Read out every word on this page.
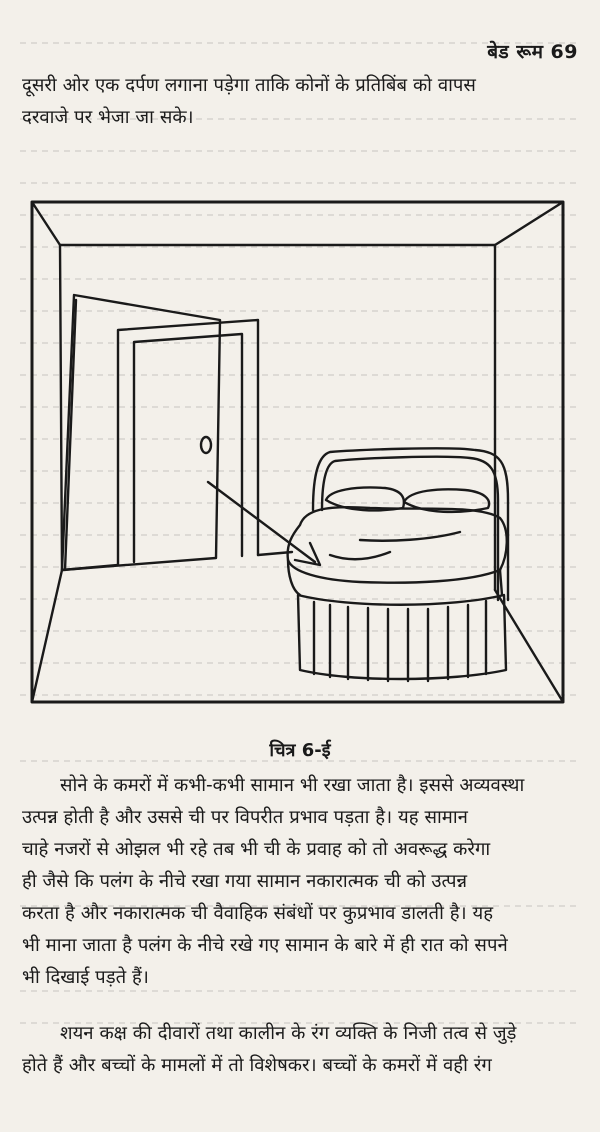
बेड रूम 69
दूसरी ओर एक दर्पण लगाना पड़ेगा ताकि कोनों के प्रतिबिंब को वापस
दरवाजे पर भेजा जा सके।
चित्र 6-ई
सोने के कमरों में कभी-कभी सामान भी रखा जाता है। इससे अव्यवस्था
उत्पन्न होती है और उससे ची पर विपरीत प्रभाव पड़ता है। यह सामान
चाहे नजरों से ओझल भी रहे तब भी ची के प्रवाह को तो अवरूद्ध करेगा
ही जैसे कि पलंग के नीचे रखा गया सामान नकारात्मक ची को उत्पन्न
करता है और नकारात्मक ची वैवाहिक संबंधों पर कुप्रभाव डालती है। यह
भी माना जाता है पलंग के नीचे रखे गए सामान के बारे में ही रात को सपने
भी दिखाई पड़ते हैं।
शयन कक्ष की दीवारों तथा कालीन के रंग व्यक्ति के निजी तत्व से जुड़े
होते हैं और बच्चों के मामलों में तो विशेषकर। बच्चों के कमरों में वही रंग
